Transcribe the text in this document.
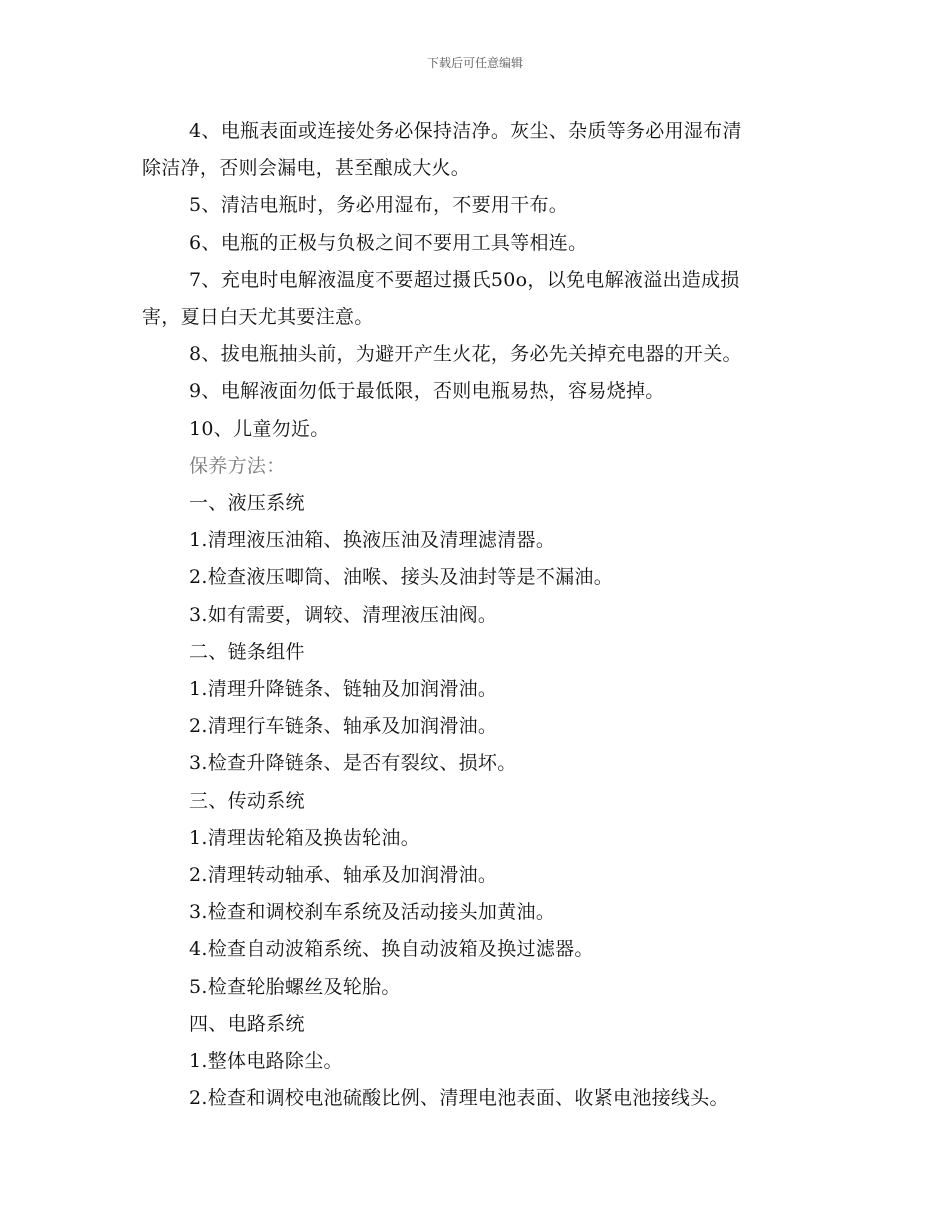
下载后可任意编辑
4、电瓶表面或连接处务必保持洁净。灰尘、杂质等务必用湿布清
除洁净，否则会漏电，甚至酿成大火。
5、清洁电瓶时，务必用湿布，不要用干布。
6、电瓶的正极与负极之间不要用工具等相连。
7、充电时电解液温度不要超过摄氏50o，以免电解液溢出造成损
害，夏日白天尤其要注意。
8、拔电瓶抽头前，为避开产生火花，务必先关掉充电器的开关。
9、电解液面勿低于最低限，否则电瓶易热，容易烧掉。
10、儿童勿近。
保养方法：
一、液压系统
1.清理液压油箱、换液压油及清理滤清器。
2.检查液压唧筒、油喉、接头及油封等是不漏油。
3.如有需要，调较、清理液压油阀。
二、链条组件
1.清理升降链条、链轴及加润滑油。
2.清理行车链条、轴承及加润滑油。
3.检查升降链条、是否有裂纹、损坏。
三、传动系统
1.清理齿轮箱及换齿轮油。
2.清理转动轴承、轴承及加润滑油。
3.检查和调校刹车系统及活动接头加黄油。
4.检查自动波箱系统、换自动波箱及换过滤器。
5.检查轮胎螺丝及轮胎。
四、电路系统
1.整体电路除尘。
2.检查和调校电池硫酸比例、清理电池表面、收紧电池接线头。
